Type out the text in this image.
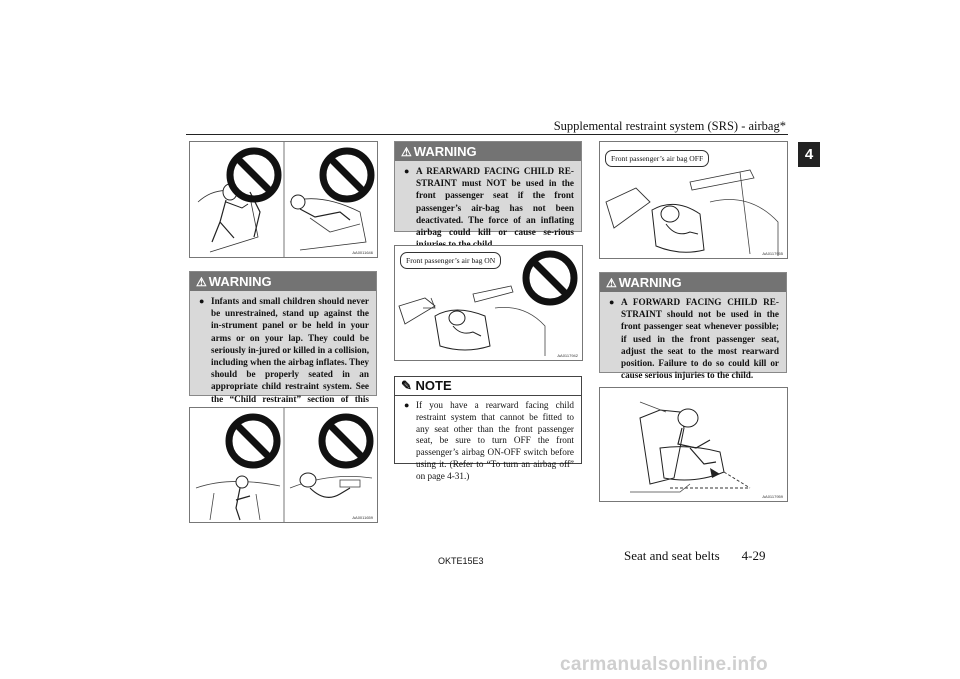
Supplemental restraint system (SRS) - airbag*
4
AA0011646
⚠ WARNING
● Infants and small children should never be unrestrained, stand up against the in-strument panel or be held in your arms or on your lap. They could be seriously in-jured or killed in a collision, including when the airbag inflates. They should be properly seated in an appropriate child restraint system. See the “Child restraint” section of this
AA0011659
⚠ WARNING
● A REARWARD FACING CHILD RE-STRAINT must NOT be used in the front passenger seat if the front passenger’s air-bag has not been deactivated. The force of an inflating airbag could kill or cause se-rious
Front passenger’s air bag ON
AA0117942
✎ NOTE
● If you have a rearward facing child restraint system that cannot be fitted to any seat other than the front passenger seat, be sure to turn OFF the front passenger’s airbag ON-OFF switch before using it. (Refer to “To turn an airbag off” on page 4-31.)
Front passenger’s air bag OFF
AA0117955
⚠ WARNING
● A FORWARD FACING CHILD RE-STRAINT should not be used in the front passenger seat whenever possible; if used in the front passenger seat, adjust the seat to the most rearward position. Failure to do so could kill or cause serious injuries to the child.
AA0117959
OKTE15E3	Seat and seat belts 4-29
carmanualsonline.info
